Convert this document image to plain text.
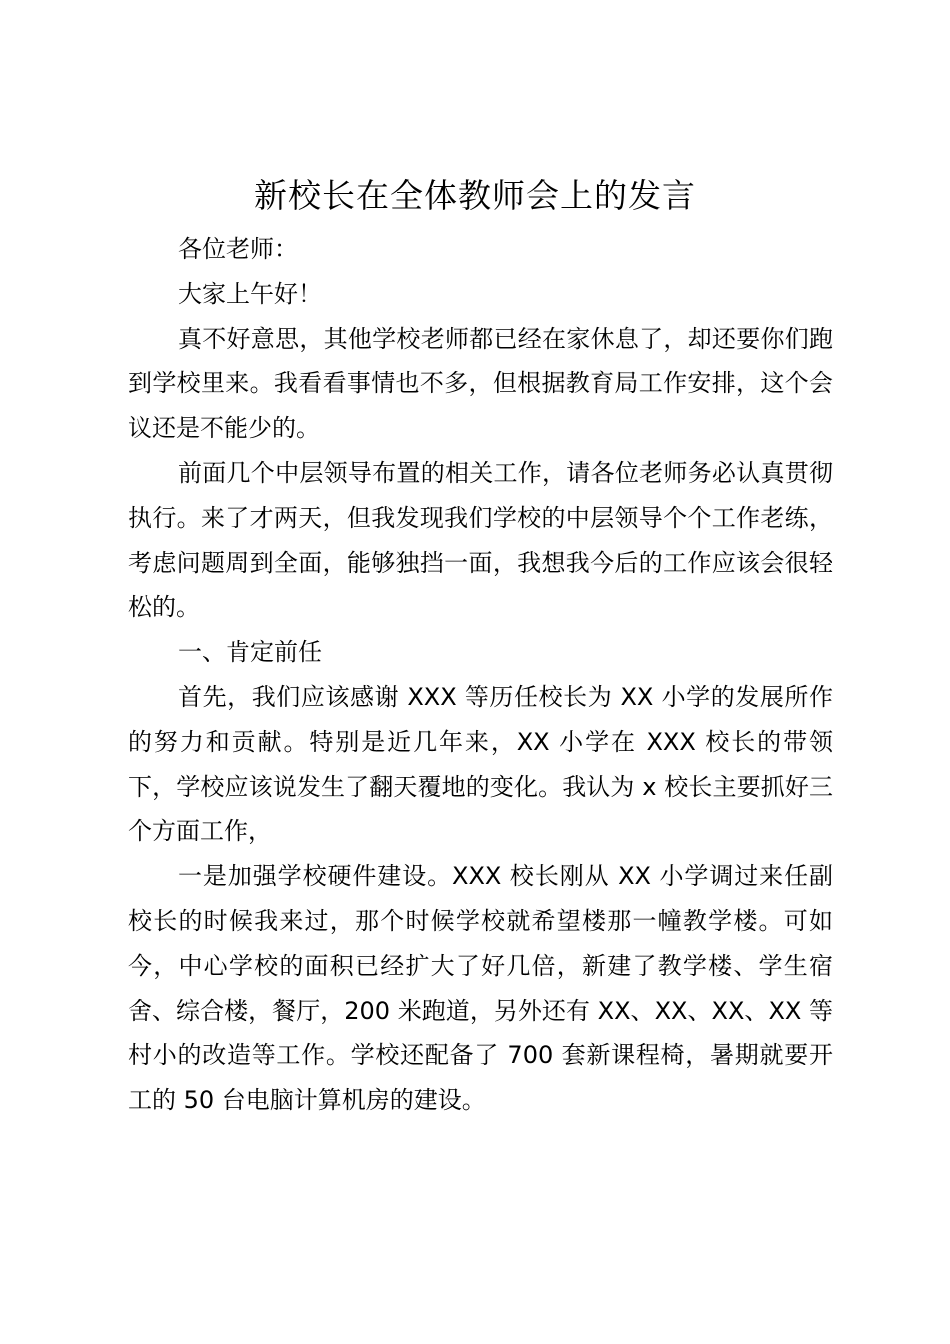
新校长在全体教师会上的发言

各位老师：

大家上午好！

真不好意思，其他学校老师都已经在家休息了，却还要你们跑到学校里来。我看看事情也不多，但根据教育局工作安排，这个会议还是不能少的。

前面几个中层领导布置的相关工作，请各位老师务必认真贯彻执行。来了才两天，但我发现我们学校的中层领导个个工作老练，考虑问题周到全面，能够独挡一面，我想我今后的工作应该会很轻松的。

一、肯定前任

首先，我们应该感谢 XXX 等历任校长为 XX 小学的发展所作的努力和贡献。特别是近几年来，XX 小学在 XXX 校长的带领下，学校应该说发生了翻天覆地的变化。我认为 x 校长主要抓好三个方面工作，

一是加强学校硬件建设。XXX 校长刚从 XX 小学调过来任副校长的时候我来过，那个时候学校就希望楼那一幢教学楼。可如今，中心学校的面积已经扩大了好几倍，新建了教学楼、学生宿舍、综合楼，餐厅，200 米跑道，另外还有 XX、XX、XX、XX 等村小的改造等工作。学校还配备了 700 套新课程椅，暑期就要开工的 50 台电脑计算机房的建设。
